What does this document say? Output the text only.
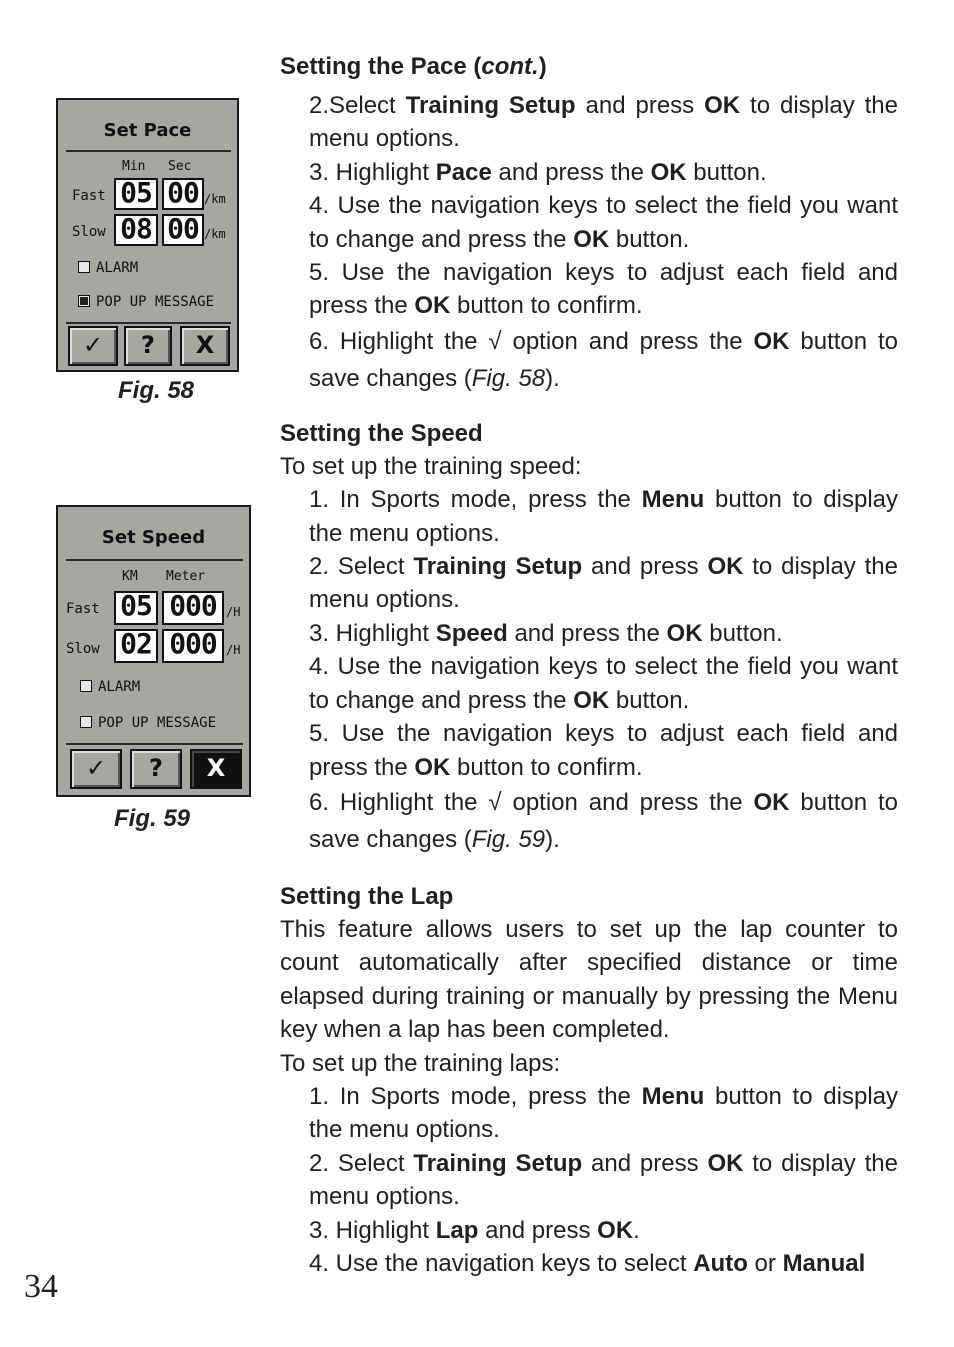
Set Pace
Min Sec
Fast 05 00 /km
Slow 08 00 /km
ALARM
POP UP MESSAGE
✓	?	X
Fig. 58
Set Speed
KM Meter
Fast 05 000 /H
Slow 02 000 /H
ALARM
POP UP MESSAGE
✓	?	X
Fig. 59
Setting the Pace (cont.)
2.Select Training Setup and press OK to display the menu options.
3. Highlight Pace and press the OK button.
4. Use the navigation keys to select the field you want to change and press the OK button.
5. Use the navigation keys to adjust each field and press the OK button to confirm.
6. Highlight the √ option and press the OK button to save changes (Fig. 58).
Setting the Speed
To set up the training speed:
1. In Sports mode, press the Menu button to display the menu options.
2. Select Training Setup and press OK to display the menu options.
3. Highlight Speed and press the OK button.
4. Use the navigation keys to select the field you want to change and press the OK button.
5. Use the navigation keys to adjust each field and press the OK button to confirm.
6. Highlight the √ option and press the OK button to save changes (Fig. 59).
Setting the Lap
This feature allows users to set up the lap counter to count automatically after specified distance or time elapsed during training or manually by pressing the Menu key when a lap has been completed.
To set up the training laps:
1. In Sports mode, press the Menu button to display the menu options.
2. Select Training Setup and press OK to display the menu options.
3. Highlight Lap and press OK.
4. Use the navigation keys to select Auto or Manual
34
